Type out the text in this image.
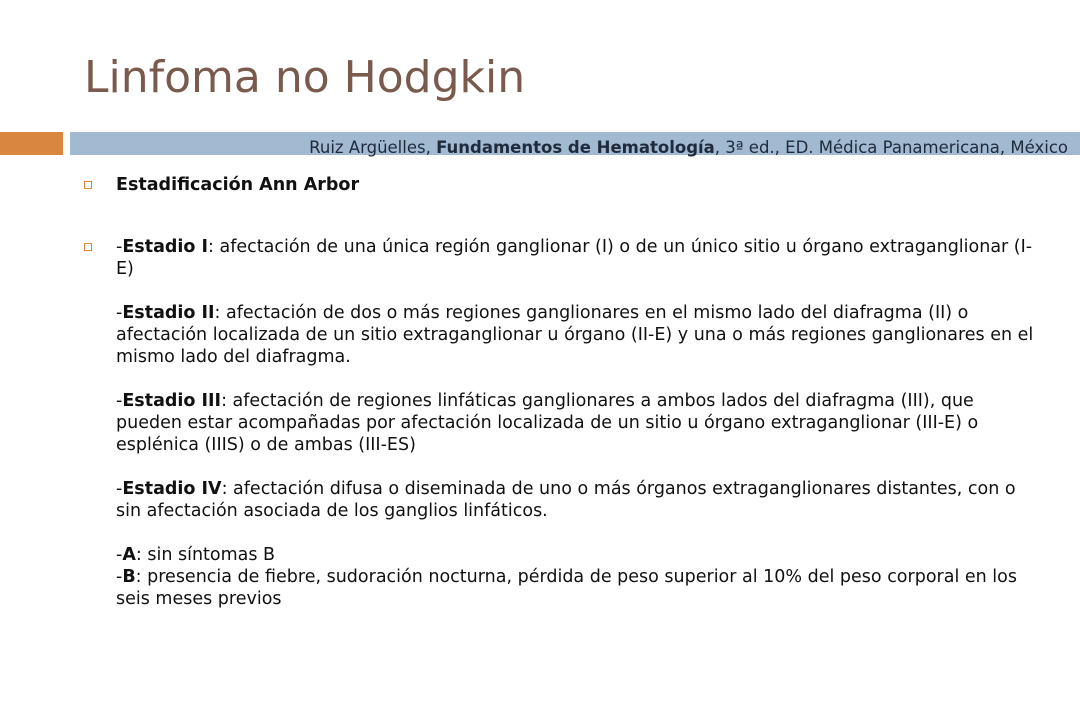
Linfoma no Hodgkin
Ruiz Argüelles, Fundamentos de Hematología, 3ª ed., ED. Médica Panamericana, México

Estadificación Ann Arbor

-Estadio I: afectación de una única región ganglionar (I) o de un único sitio u órgano extraganglionar (I-E)

-Estadio II: afectación de dos o más regiones ganglionares en el mismo lado del diafragma (II) o afectación localizada de un sitio extraganglionar u órgano (II-E) y una o más regiones ganglionares en el mismo lado del diafragma.

-Estadio III: afectación de regiones linfáticas ganglionares a ambos lados del diafragma (III), que pueden estar acompañadas por afectación localizada de un sitio u órgano extraganglionar (III-E) o esplénica (IIIS) o de ambas (III-ES)

-Estadio IV: afectación difusa o diseminada de uno o más órganos extraganglionares distantes, con o sin afectación asociada de los ganglios linfáticos.

-A: sin síntomas B

-B: presencia de fiebre, sudoración nocturna, pérdida de peso superior al 10% del peso corporal en los seis meses previos
